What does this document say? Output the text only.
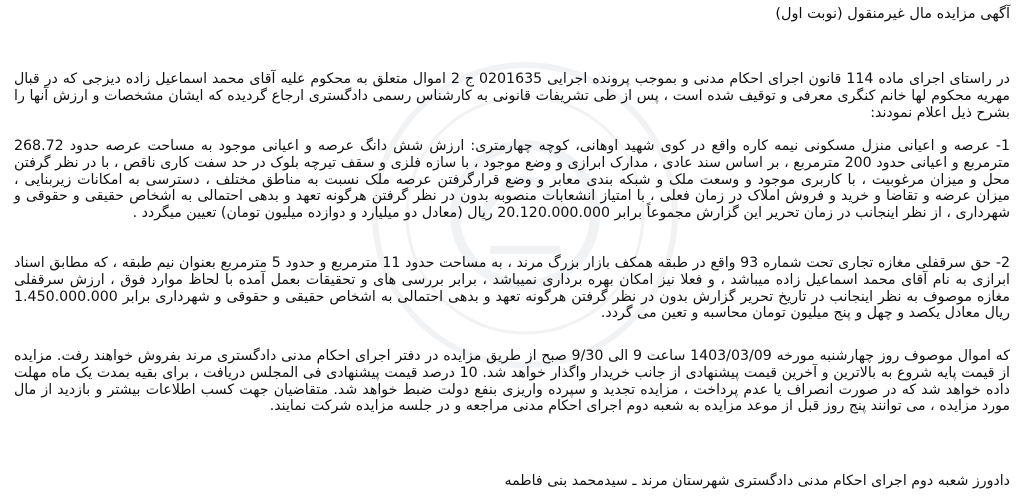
آگهی مزایده مال غیرمنقول (نوبت اول)

در راستای اجرای ماده 114 قانون اجرای احکام مدنی و بموجب پرونده اجرایی 0201635 ج 2 اموال متعلق به محکوم علیه آقای محمد اسماعیل زاده دیزجی که در قبال مهریه محکوم لها خانم کنگری معرفی و توقیف شده است ، پس از طی تشریفات قانونی به کارشناس رسمی دادگستری ارجاع گردیده که ایشان مشخصات و ارزش آنها را بشرح ذیل اعلام نمودند:

1- عرصه و اعیانی منزل مسکونی نیمه کاره واقع در کوی شهید اوهانی، کوچه چهارمتری: ارزش شش دانگ عرصه و اعیانی موجود به مساحت عرصه حدود 268.72 مترمربع و اعیانی حدود 200 مترمربع ، بر اساس سند عادی ، مدارک ابرازی و وضع موجود ، با سازه فلزی و سقف تیرچه بلوک در حد سفت کاری ناقص ، با در نظر گرفتن محل و میزان مرغوبیت ، با کاربری موجود و وسعت ملک و شبکه بندی معابر و وضع قرارگرفتن عرصه ملک نسبت به مناطق مختلف ، دسترسی به امکانات زیربنایی ، میزان عرضه و تقاضا و خرید و فروش املاک در زمان فعلی ، با امتیاز انشعابات منصوبه بدون در نظر گرفتن هرگونه تعهد و بدهی احتمالی به اشخاص حقیقی و حقوقی و شهرداری ، از نظر اینجانب در زمان تحریر این گزارش مجموعاً برابر 20.120.000.000 ریال (معادل دو میلیارد و دوازده میلیون تومان) تعیین میگردد .

2- حق سرقفلی مغازه تجاری تحت شماره 93 واقع در طبقه همکف بازار بزرگ مرند ، به مساحت حدود 11 مترمربع و حدود 5 مترمربع بعنوان نیم طبقه ، که مطابق اسناد ابرازی به نام آقای محمد اسماعیل زاده میباشد ، و فعلا نیز امکان بهره برداری نمیباشد ، برابر بررسی های و تحقیقات بعمل آمده با لحاظ موارد فوق ، ارزش سرقفلی مغازه موصوف به نظر اینجانب در تاریخ تحریر گزارش بدون در نظر گرفتن هرگونه تعهد و بدهی احتمالی به اشخاص حقیقی و حقوقی و شهرداری برابر 1.450.000.000 ریال معادل یکصد و چهل و پنج میلیون تومان محاسبه و تعین می گردد.

که اموال موصوف روز چهارشنبه مورخه 1403/03/09 ساعت 9 الی 9/30 صبح از طریق مزایده در دفتر اجرای احکام مدنی دادگستری مرند بفروش خواهند رفت. مزایده از قیمت پایه شروع به بالاترین و آخرین قیمت پیشنهادی از جانب خریدار واگذار خواهد شد. 10 درصد قیمت پیشنهادی فی المجلس دریافت ، برای بقیه بمدت یک ماه مهلت داده خواهد شد که در صورت انصراف یا عدم پرداخت ، مزایده تجدید و سپرده واریزی بنفع دولت ضبط خواهد شد. متقاضیان جهت کسب اطلاعات بیشتر و بازدید از مال مورد مزایده ، می توانند پنج روز قبل از موعد مزایده به شعبه دوم اجرای احکام مدنی مراجعه و در جلسه مزایده شرکت نمایند.

دادورز شعبه دوم اجرای احکام مدنی دادگستری شهرستان مرند ـ سیدمحمد بنی فاطمه
